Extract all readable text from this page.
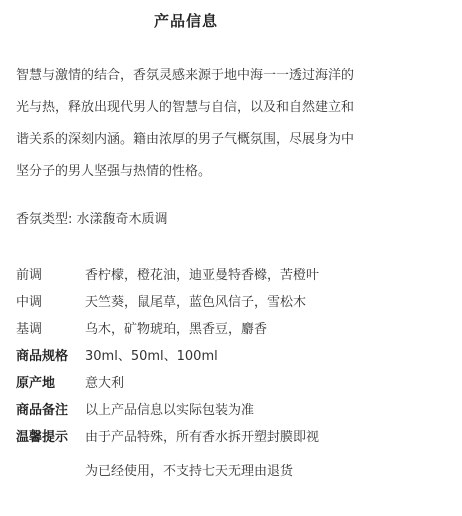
产品信息

智慧与激情的结合，香氛灵感来源于地中海一一透过海洋的光与热，释放出现代男人的智慧与自信，以及和自然建立和谐关系的深刻内涵。籍由浓厚的男子气概氛围，尽展身为中坚分子的男人坚强与热情的性格。

香氛类型: 水漾馥奇木质调
前调	香柠檬，橙花油，迪亚曼特香橼，苦橙叶
中调	天竺葵，鼠尾草，蓝色风信子，雪松木
基调	乌木，矿物琥珀，黑香豆，麝香
商品规格	30ml、50ml、100ml
原产地	意大利
商品备注	以上产品信息以实际包装为准
温馨提示	由于产品特殊，所有香水拆开塑封膜即视
为已经使用，不支持七天无理由退货
